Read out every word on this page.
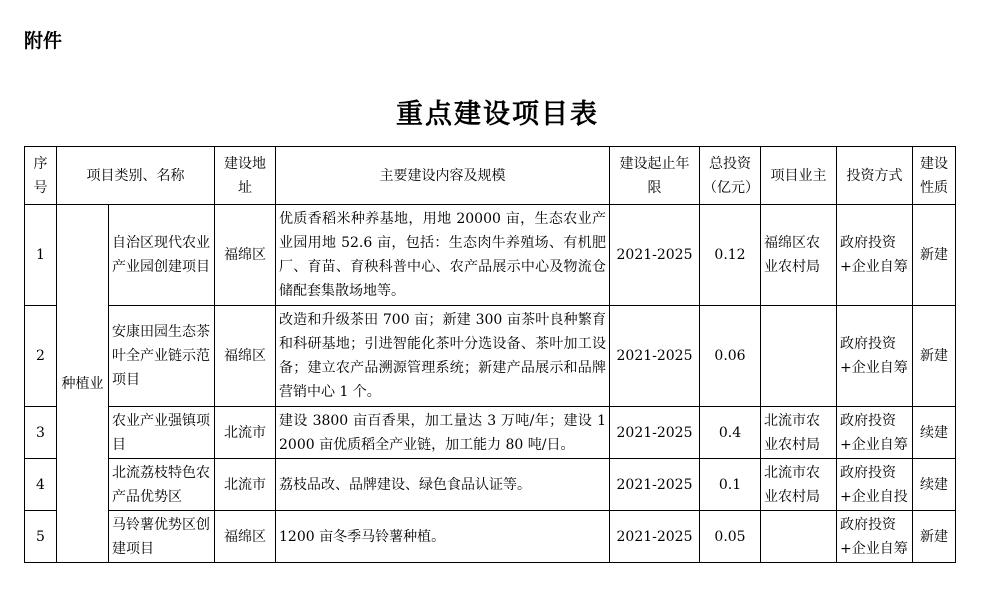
附件
重点建设项目表
序号	项目类别、名称		建设地址	主要建设内容及规模	建设起止年限	总投资（亿元）	项目业主	投资方式	建设性质
1	种植业	自治区现代农业产业园创建项目	福绵区	优质香稻米种养基地，用地 20000 亩，生态农业产业园用地 52.6 亩，包括：生态肉牛养殖场、有机肥厂、育苗、育秧科普中心、农产品展示中心及物流仓储配套集散场地等。	2021-2025	0.12	福绵区农业农村局	政府投资+企业自筹	新建
2		安康田园生态茶叶全产业链示范项目	福绵区	改造和升级茶田 700 亩；新建 300 亩茶叶良种繁育和科研基地；引进智能化茶叶分选设备、茶叶加工设备；建立农产品溯源管理系统；新建产品展示和品牌营销中心 1 个。	2021-2025	0.06		政府投资+企业自筹	新建
3		农业产业强镇项目	北流市	建设 3800 亩百香果，加工量达 3 万吨/年；建设 12000 亩优质稻全产业链，加工能力 80 吨/日。	2021-2025	0.4	北流市农业农村局	政府投资+企业自筹	续建
4		北流荔枝特色农产品优势区	北流市	荔枝品改、品牌建设、绿色食品认证等。	2021-2025	0.1	北流市农业农村局	政府投资+企业自投	续建
5		马铃薯优势区创建项目	福绵区	1200 亩冬季马铃薯种植。	2021-2025	0.05		政府投资+企业自筹	新建
